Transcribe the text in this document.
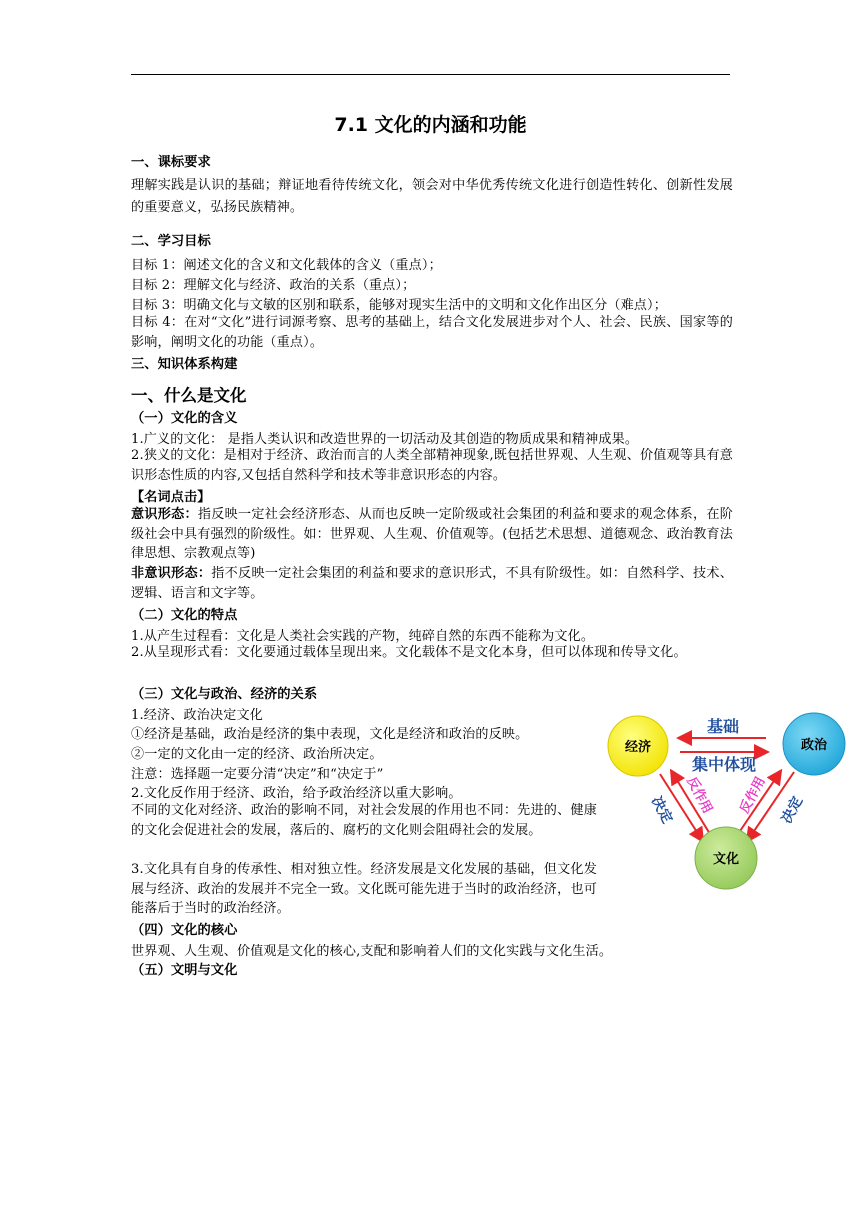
7.1 文化的内涵和功能
一、课标要求
理解实践是认识的基础；辩证地看待传统文化，领会对中华优秀传统文化进行创造性转化、创新性发展的重要意义，弘扬民族精神。
二、学习目标
目标 1：阐述文化的含义和文化载体的含义（重点）；
目标 2：理解文化与经济、政治的关系（重点）；
目标 3：明确文化与文敏的区别和联系，能够对现实生活中的文明和文化作出区分（难点）；
目标 4：在对“文化”进行词源考察、思考的基础上，结合文化发展进步对个人、社会、民族、国家等的影响，阐明文化的功能（重点）。
三、知识体系构建
一、什么是文化
（一）文化的含义
1.广义的文化： 是指人类认识和改造世界的一切活动及其创造的物质成果和精神成果。
2.狭义的文化：是相对于经济、政治而言的人类全部精神现象,既包括世界观、人生观、价值观等具有意识形态性质的内容,又包括自然科学和技术等非意识形态的内容。
【名词点击】
意识形态：指反映一定社会经济形态、从而也反映一定阶级或社会集团的利益和要求的观念体系，在阶级社会中具有强烈的阶级性。如：世界观、人生观、价值观等。(包括艺术思想、道德观念、政治教育法律思想、宗教观点等)
非意识形态：指不反映一定社会集团的利益和要求的意识形式，不具有阶级性。如：自然科学、技术、逻辑、语言和文字等。
（二）文化的特点
1.从产生过程看：文化是人类社会实践的产物，纯碎自然的东西不能称为文化。
2.从呈现形式看：文化要通过载体呈现出来。文化载体不是文化本身，但可以体现和传导文化。
（三）文化与政治、经济的关系
1.经济、政治决定文化
①经济是基础，政治是经济的集中表现，文化是经济和政治的反映。
②一定的文化由一定的经济、政治所决定。
注意：选择题一定要分清“决定”和“决定于”
2.文化反作用于经济、政治，给予政治经济以重大影响。
不同的文化对经济、政治的影响不同，对社会发展的作用也不同：先进的、健康的文化会促进社会的发展，落后的、腐朽的文化则会阻碍社会的发展。
3.文化具有自身的传承性、相对独立性。经济发展是文化发展的基础，但文化发展与经济、政治的发展并不完全一致。文化既可能先进于当时的政治经济，也可能落后于当时的政治经济。
（四）文化的核心
世界观、人生观、价值观是文化的核心,支配和影响着人们的文化实践与文化生活。
（五）文明与文化
经济	政治
文化
基础
集中体现
决定	决定
反作用 反作用
